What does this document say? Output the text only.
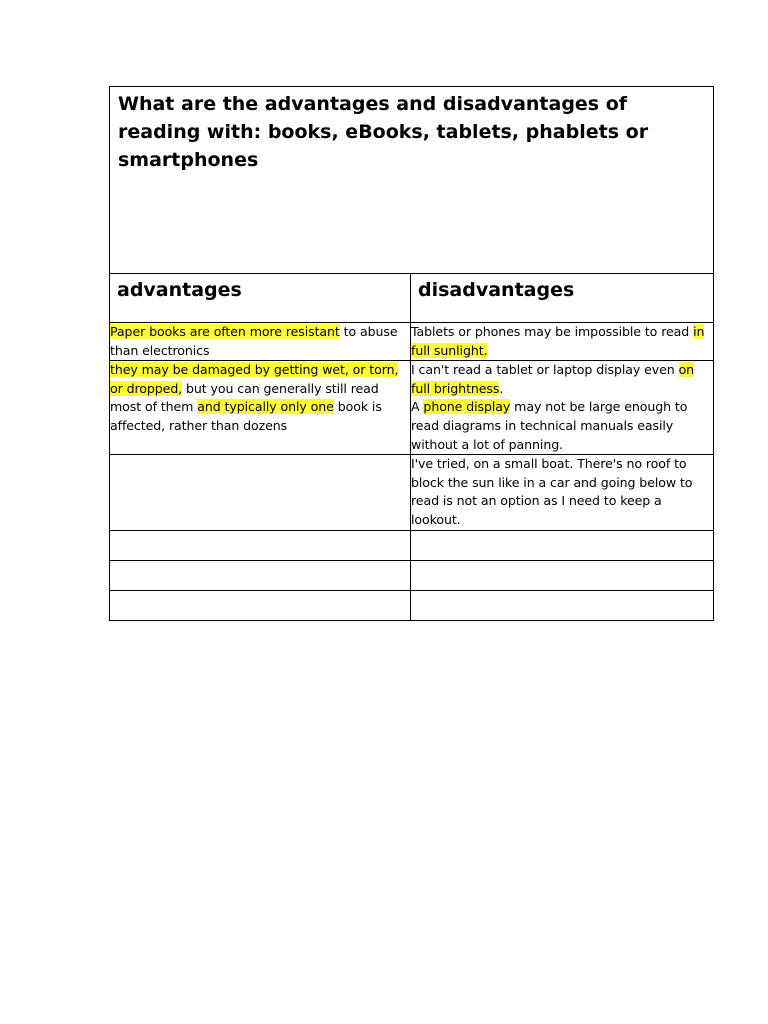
What are the advantages and disadvantages of reading with: books, eBooks, tablets, phablets or smartphones	

advantages	disadvantages

Paper books are often more resistant to abuse than electronics	Tablets or phones may be impossible to read in full sunlight.
they may be damaged by getting wet, or torn, or dropped, but you can generally still read most of them and typically only one book is affected, rather than dozens	I can't read a tablet or laptop display even on full brightness.
A phone display may not be large enough to read diagrams in technical manuals easily without a lot of panning.

	I've tried, on a small boat. There's no roof to block the sun like in a car and going below to read is not an option as I need to keep a lookout.
